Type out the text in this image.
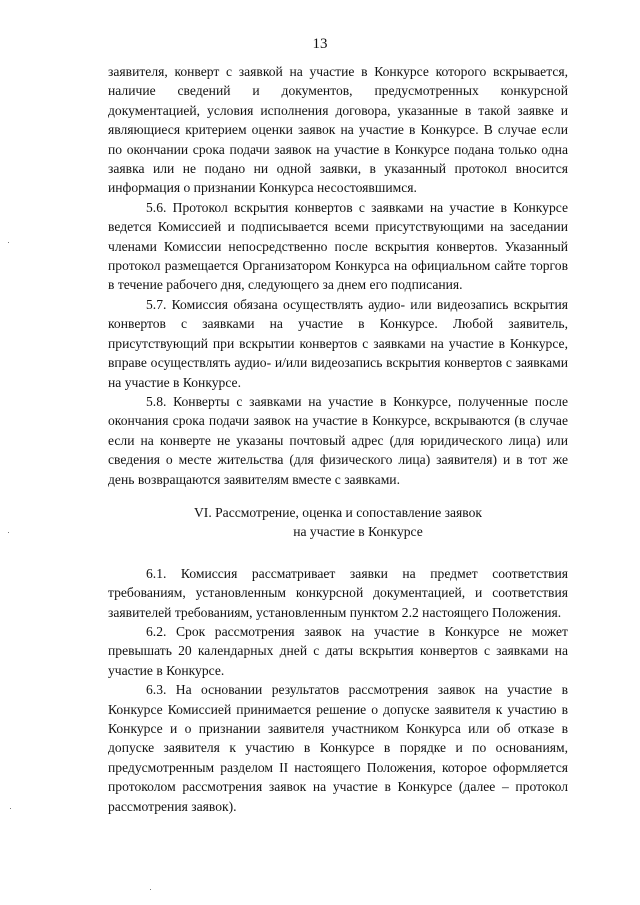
13

заявителя, конверт с заявкой на участие в Конкурсе которого вскрывается, наличие сведений и документов, предусмотренных конкурсной документацией, условия исполнения договора, указанные в такой заявке и являющиеся критерием оценки заявок на участие в Конкурсе. В случае если по окончании срока подачи заявок на участие в Конкурсе подана только одна заявка или не подано ни одной заявки, в указанный протокол вносится информация о признании Конкурса несостоявшимся.

5.6. Протокол вскрытия конвертов с заявками на участие в Конкурсе ведется Комиссией и подписывается всеми присутствующими на заседании членами Комиссии непосредственно после вскрытия конвертов. Указанный протокол размещается Организатором Конкурса на официальном сайте торгов в течение рабочего дня, следующего за днем его подписания.

5.7. Комиссия обязана осуществлять аудио- или видеозапись вскрытия конвертов с заявками на участие в Конкурсе. Любой заявитель, присутствующий при вскрытии конвертов с заявками на участие в Конкурсе, вправе осуществлять аудио- и/или видеозапись вскрытия конвертов с заявками на участие в Конкурсе.

5.8. Конверты с заявками на участие в Конкурсе, полученные после окончания срока подачи заявок на участие в Конкурсе, вскрываются (в случае если на конверте не указаны почтовый адрес (для юридического лица) или сведения о месте жительства (для физического лица) заявителя) и в тот же день возвращаются заявителям вместе с заявками.

VI. Рассмотрение, оценка и сопоставление заявок
на участие в Конкурсе

6.1. Комиссия рассматривает заявки на предмет соответствия требованиям, установленным конкурсной документацией, и соответствия заявителей требованиям, установленным пунктом 2.2 настоящего Положения.

6.2. Срок рассмотрения заявок на участие в Конкурсе не может превышать 20 календарных дней с даты вскрытия конвертов с заявками на участие в Конкурсе.

6.3. На основании результатов рассмотрения заявок на участие в Конкурсе Комиссией принимается решение о допуске заявителя к участию в Конкурсе и о признании заявителя участником Конкурса или об отказе в допуске заявителя к участию в Конкурсе в порядке и по основаниям, предусмотренным разделом II настоящего Положения, которое оформляется протоколом рассмотрения заявок на участие в Конкурсе (далее – протокол рассмотрения заявок).
